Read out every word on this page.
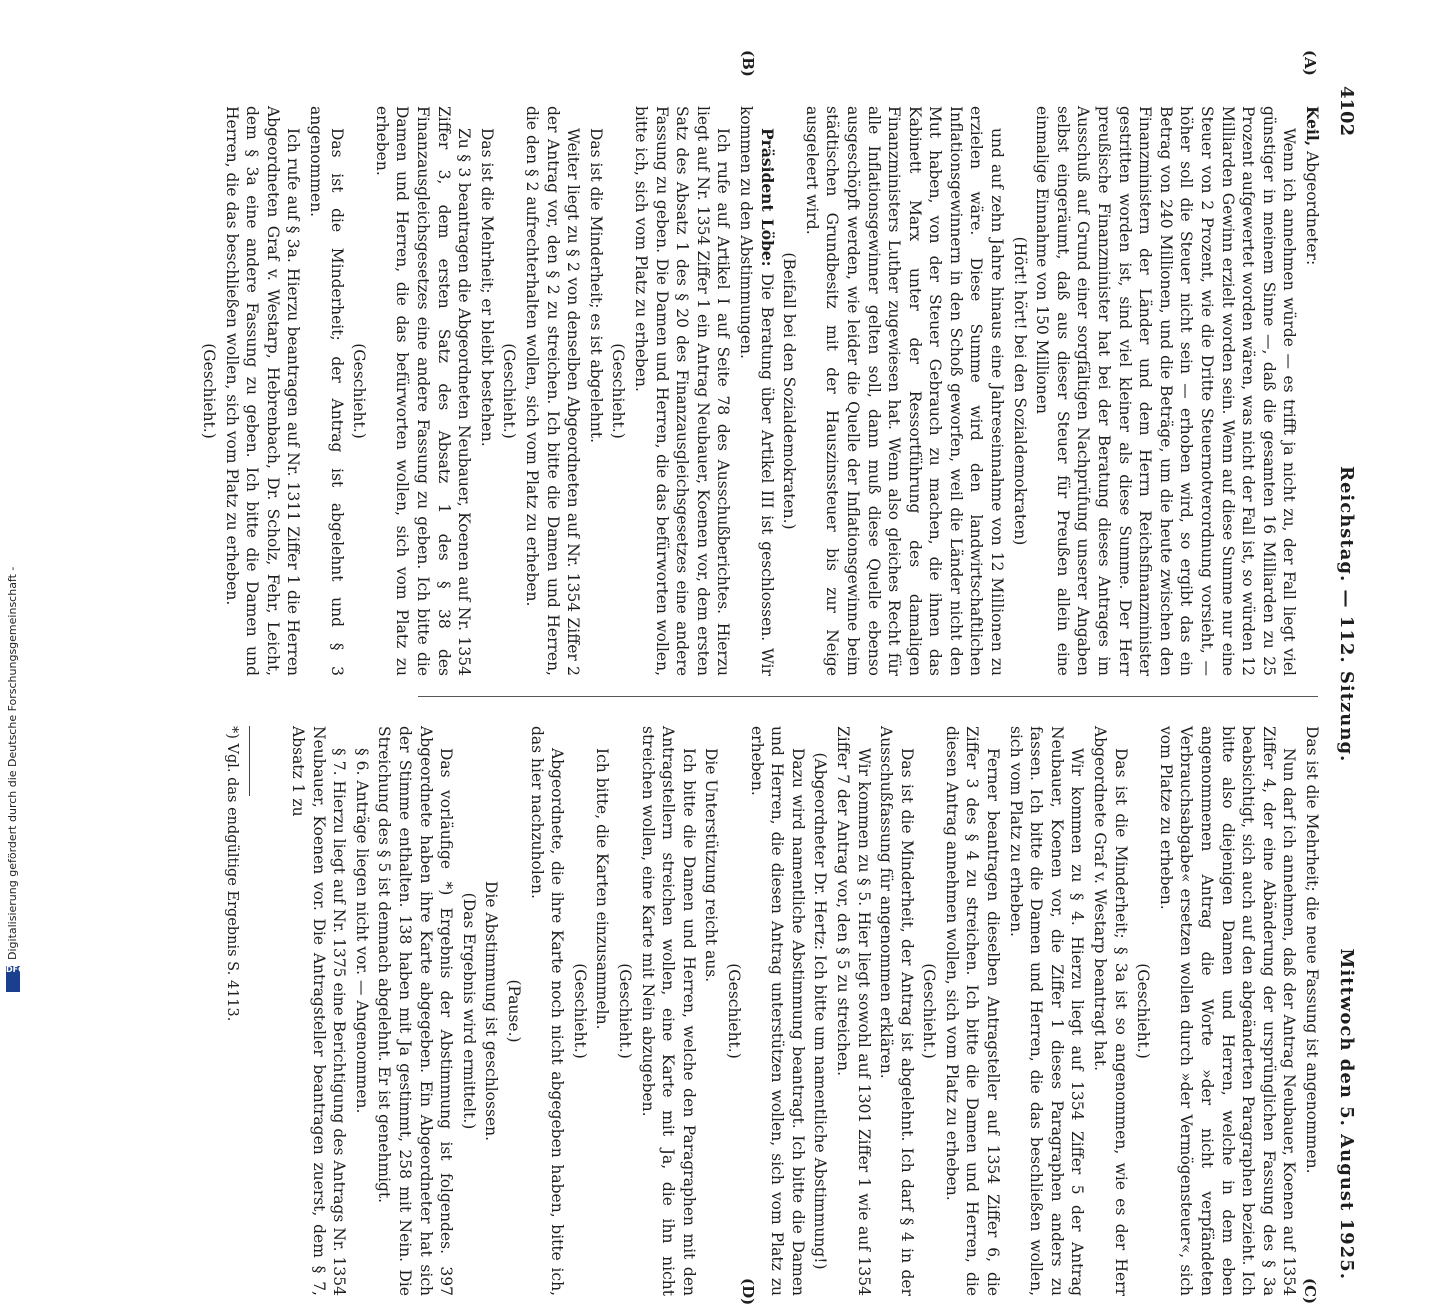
Digitalisierung gefördert durch die Deutsche Forschungsgemeinschaft -
DFG
4102
Reichstag. — 112. Sitzung.
Mittwoch den 5. August 1925.
(A)
(B)
(C)
(D)

Keil, Abgeordneter:

Wenn ich annehmen würde — es trifft ja nicht zu, der Fall liegt viel günstiger in meinem Sinne —, daß die gesamten 16 Milliarden zu 25 Prozent aufgewertet worden wären, was nicht der Fall ist, so würden 12 Milliarden Gewinn erzielt worden sein. Wenn auf diese Summe nur eine Steuer von 2 Prozent, wie die Dritte Steuernotverordnung vorsieht, — höher soll die Steuer nicht sein — erhoben wird, so ergibt das ein Betrag von 240 Millionen, und die Beträge, um die heute zwischen den Finanzministern der Länder und dem Herrn Reichsfinanzminister gestritten worden ist, sind viel kleiner als diese Summe. Der Herr preußische Finanzminister hat bei der Beratung dieses Antrages im Ausschuß auf Grund einer sorgfältigen Nachprüfung unserer Angaben selbst eingeräumt, daß aus dieser Steuer für Preußen allein eine einmalige Einnahme von 150 Millionen

(Hört! hört! bei den Sozialdemokraten)

und auf zehn Jahre hinaus eine Jahreseinnahme von 12 Millionen zu erzielen wäre. Diese Summe wird den landwirtschaftlichen Inflationsgewinnern in den Schoß geworfen, weil die Länder nicht den Mut haben, von der Steuer Gebrauch zu machen, die ihnen das Kabinett Marx unter der Ressortführung des damaligen Finanzministers Luther zugewiesen hat. Wenn also gleiches Recht für alle Inflationsgewinner gelten soll, dann muß diese Quelle ebenso ausgeschöpft werden, wie leider die Quelle der Inflationsgewinne beim städtischen Grundbesitz mit der Hauszinssteuer bis zur Neige ausgeleert wird.

(Beifall bei den Sozialdemokraten.)

Präsident Löbe: Die Beratung über Artikel III ist geschlossen. Wir kommen zu den Abstimmungen.

Ich rufe auf Artikel I auf Seite 78 des Ausschußberichtes. Hierzu liegt auf Nr. 1354 Ziffer 1 ein Antrag Neubauer, Koenen vor, dem ersten Satz des Absatz 1 des § 20 des Finanzausgleichsgesetzes eine andere Fassung zu geben. Die Damen und Herren, die das befürworten wollen, bitte ich, sich vom Platz zu erheben.

(Geschieht.)

Das ist die Minderheit; es ist abgelehnt.

Weiter liegt zu § 2 von denselben Abgeordneten auf Nr. 1354 Ziffer 2 der Antrag vor, den § 2 zu streichen. Ich bitte die Damen und Herren, die den § 2 aufrechterhalten wollen, sich vom Platz zu erheben.

(Geschieht.)

Das ist die Mehrheit; er bleibt bestehen.

Zu § 3 beantragen die Abgeordneten Neubauer, Koenen auf Nr. 1354 Ziffer 3, dem ersten Satz des Absatz 1 des § 38 des Finanzausgleichsgesetzes eine andere Fassung zu geben. Ich bitte die Damen und Herren, die das befürworten wollen, sich vom Platz zu erheben.

(Geschieht.)

Das ist die Minderheit; der Antrag ist abgelehnt und § 3 angenommen.

Ich rufe auf § 3a. Hierzu beantragen auf Nr. 1311 Ziffer 1 die Herren Abgeordneten Graf v. Westarp, Hebrenbach, Dr. Scholz, Fehr, Leicht, dem § 3a eine andere Fassung zu geben. Ich bitte die Damen und Herren, die das beschließen wollen, sich vom Platz zu erheben.

(Geschieht.)

Das ist die Mehrheit; die neue Fassung ist angenommen.

Nun darf ich annehmen, daß der Antrag Neubauer, Koenen auf 1354 Ziffer 4, der eine Abänderung der ursprünglichen Fassung des § 3a beabsichtigt, sich auch auf den abgeänderten Paragraphen bezieht. Ich bitte also diejenigen Damen und Herren, welche in dem eben angenommenen Antrag die Worte »der nicht verpfändeten Verbrauchsabgabe« ersetzen wollen durch »der Vermögensteuer«, sich vom Platze zu erheben.

(Geschieht.)

Das ist die Minderheit; § 3a ist so angenommen, wie es der Herr Abgeordnete Graf v. Westarp beantragt hat.

Wir kommen zu § 4. Hierzu liegt auf 1354 Ziffer 5 der Antrag Neubauer, Koenen vor, die Ziffer 1 dieses Paragraphen anders zu fassen. Ich bitte die Damen und Herren, die das beschließen wollen, sich vom Platz zu erheben.

Ferner beantragen dieselben Antragsteller auf 1354 Ziffer 6, die Ziffer 3 des § 4 zu streichen. Ich bitte die Damen und Herren, die diesen Antrag annehmen wollen, sich vom Platz zu erheben.

(Geschieht.)

Das ist die Minderheit, der Antrag ist abgelehnt. Ich darf § 4 in der Ausschußfassung für angenommen erklären.

Wir kommen zu § 5. Hier liegt sowohl auf 1301 Ziffer 1 wie auf 1354 Ziffer 7 der Antrag vor, den § 5 zu streichen.

(Abgeordneter Dr. Hertz: Ich bitte um namentliche Abstimmung!)

Dazu wird namentliche Abstimmung beantragt. Ich bitte die Damen und Herren, die diesen Antrag unterstützen wollen, sich vom Platz zu erheben.

(Geschieht.)

Die Unterstützung reicht aus.

Ich bitte die Damen und Herren, welche den Paragraphen mit den Antragstellern streichen wollen, eine Karte mit Ja, die ihn nicht streichen wollen, eine Karte mit Nein abzugeben.

(Geschieht.)

Ich bitte, die Karten einzusammeln.

(Geschieht.)

Abgeordnete, die ihre Karte noch nicht abgegeben haben, bitte ich, das hier nachzuholen.

(Pause.)

Die Abstimmung ist geschlossen.

(Das Ergebnis wird ermittelt.)

Das vorläufige *) Ergebnis der Abstimmung ist folgendes. 397 Abgeordnete haben ihre Karte abgegeben. Ein Abgeordneter hat sich der Stimme enthalten. 138 haben mit Ja gestimmt, 258 mit Nein. Die Streichung des § 5 ist demnach abgelehnt. Er ist genehmigt.

§ 6. Anträge liegen nicht vor. — Angenommen.

§ 7. Hierzu liegt auf Nr. 1375 eine Berichtigung des Antrags Nr. 1354 Neubauer, Koenen vor. Die Antragsteller beantragen zuerst, dem § 7, Absatz 1 zu

*) Vgl. das endgültige Ergebnis S. 4113.
